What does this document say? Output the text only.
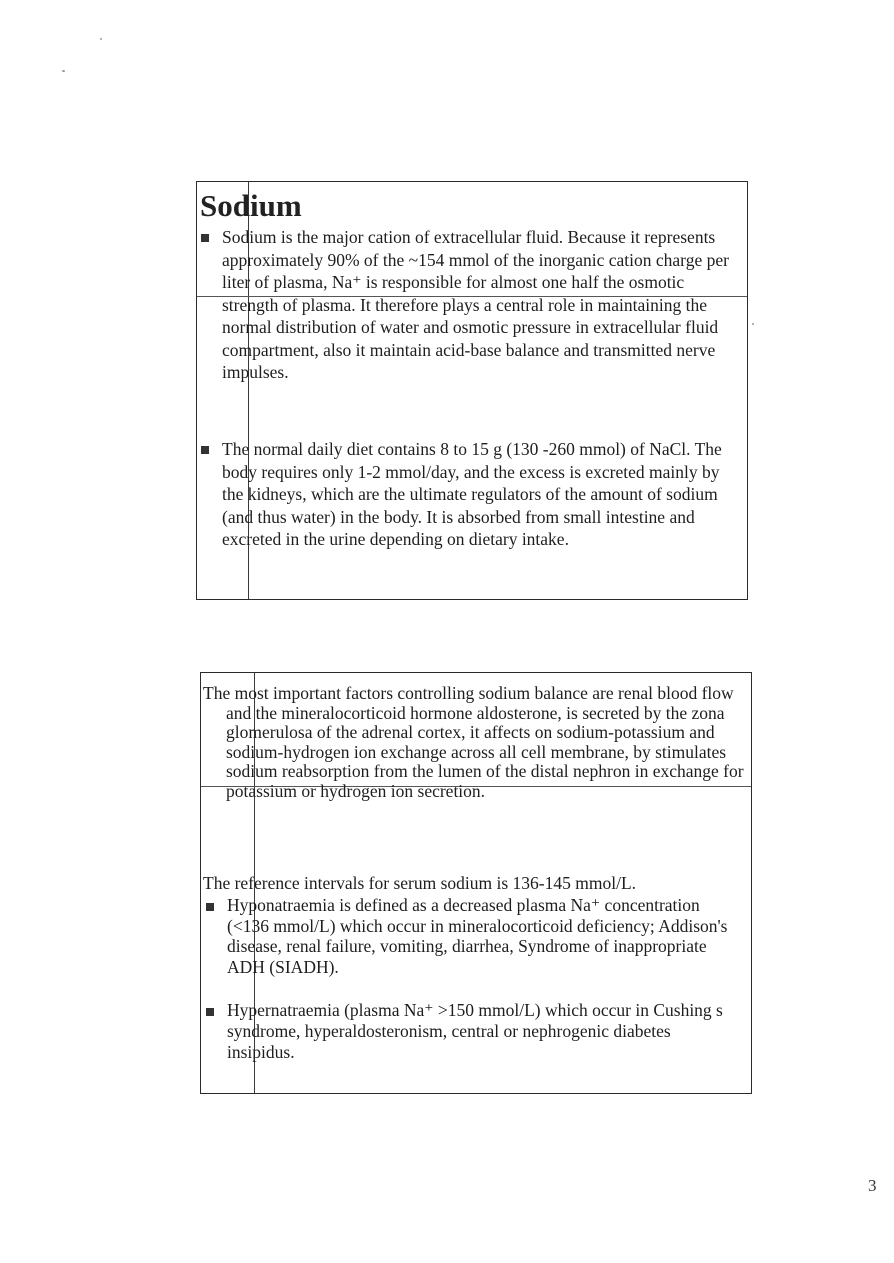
Sodium

Sodium is the major cation of extracellular fluid. Because it represents approximately 90% of the ~154 mmol of the inorganic cation charge per liter of plasma, Na⁺ is responsible for almost one half the osmotic strength of plasma. It therefore plays a central role in maintaining the normal distribution of water and osmotic pressure in extracellular fluid compartment, also it maintain acid-base balance and transmitted nerve impulses.

The normal daily diet contains 8 to 15 g (130 -260 mmol) of NaCl. The body requires only 1-2 mmol/day, and the excess is excreted mainly by the kidneys, which are the ultimate regulators of the amount of sodium (and thus water) in the body. It is absorbed from small intestine and excreted in the urine depending on dietary intake.

The most important factors controlling sodium balance are renal blood flow and the mineralocorticoid hormone aldosterone, is secreted by the zona glomerulosa of the adrenal cortex, it affects on sodium-potassium and sodium-hydrogen ion exchange across all cell membrane, by stimulates sodium reabsorption from the lumen of the distal nephron in exchange for potassium or hydrogen ion secretion.

The reference intervals for serum sodium is 136-145 mmol/L.

Hyponatraemia is defined as a decreased plasma Na⁺ concentration (<136 mmol/L) which occur in mineralocorticoid deficiency; Addison's disease, renal failure, vomiting, diarrhea, Syndrome of inappropriate ADH (SIADH).

Hypernatraemia (plasma Na⁺ >150 mmol/L) which occur in Cushing s syndrome, hyperaldosteronism, central or nephrogenic diabetes insipidus.

3
